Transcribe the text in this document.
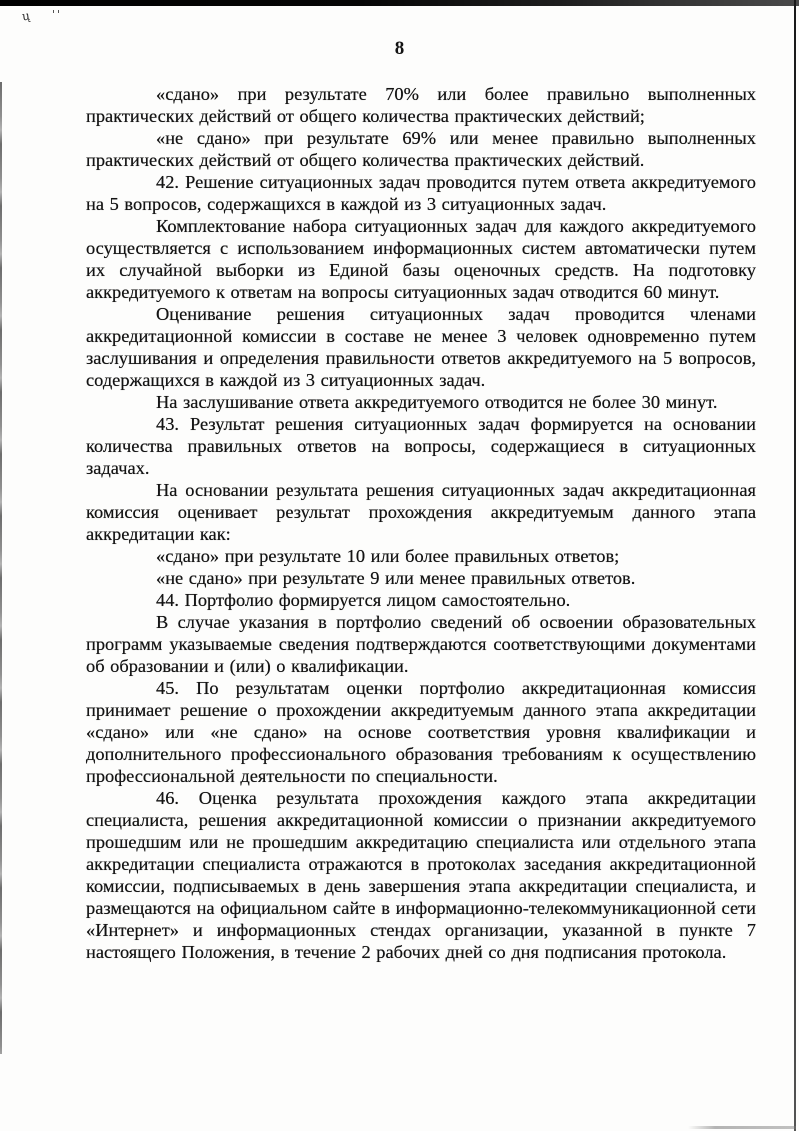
ų ꞌ'
8

«сдано» при результате 70% или более правильно выполненных практических действий от общего количества практических действий;

«не сдано» при результате 69% или менее правильно выполненных практических действий от общего количества практических действий.

42. Решение ситуационных задач проводится путем ответа аккредитуемого на 5 вопросов, содержащихся в каждой из 3 ситуационных задач.

Комплектование набора ситуационных задач для каждого аккредитуемого осуществляется с использованием информационных систем автоматически путем их случайной выборки из Единой базы оценочных средств. На подготовку аккредитуемого к ответам на вопросы ситуационных задач отводится 60 минут.

Оценивание решения ситуационных задач проводится членами аккредитационной комиссии в составе не менее 3 человек одновременно путем заслушивания и определения правильности ответов аккредитуемого на 5 вопросов, содержащихся в каждой из 3 ситуационных задач.

На заслушивание ответа аккредитуемого отводится не более 30 минут.

43. Результат решения ситуационных задач формируется на основании количества правильных ответов на вопросы, содержащиеся в ситуационных задачах.

На основании результата решения ситуационных задач аккредитационная комиссия оценивает результат прохождения аккредитуемым данного этапа аккредитации как:

«сдано» при результате 10 или более правильных ответов;

«не сдано» при результате 9 или менее правильных ответов.

44. Портфолио формируется лицом самостоятельно.

В случае указания в портфолио сведений об освоении образовательных программ указываемые сведения подтверждаются соответствующими документами об образовании и (или) о квалификации.

45. По результатам оценки портфолио аккредитационная комиссия принимает решение о прохождении аккредитуемым данного этапа аккредитации «сдано» или «не сдано» на основе соответствия уровня квалификации и дополнительного профессионального образования требованиям к осуществлению профессиональной деятельности по специальности.

46. Оценка результата прохождения каждого этапа аккредитации специалиста, решения аккредитационной комиссии о признании аккредитуемого прошедшим или не прошедшим аккредитацию специалиста или отдельного этапа аккредитации специалиста отражаются в протоколах заседания аккредитационной комиссии, подписываемых в день завершения этапа аккредитации специалиста, и размещаются на официальном сайте в информационно-телекоммуникационной сети «Интернет» и информационных стендах организации, указанной в пункте 7 настоящего Положения, в течение 2 рабочих дней со дня подписания протокола.
